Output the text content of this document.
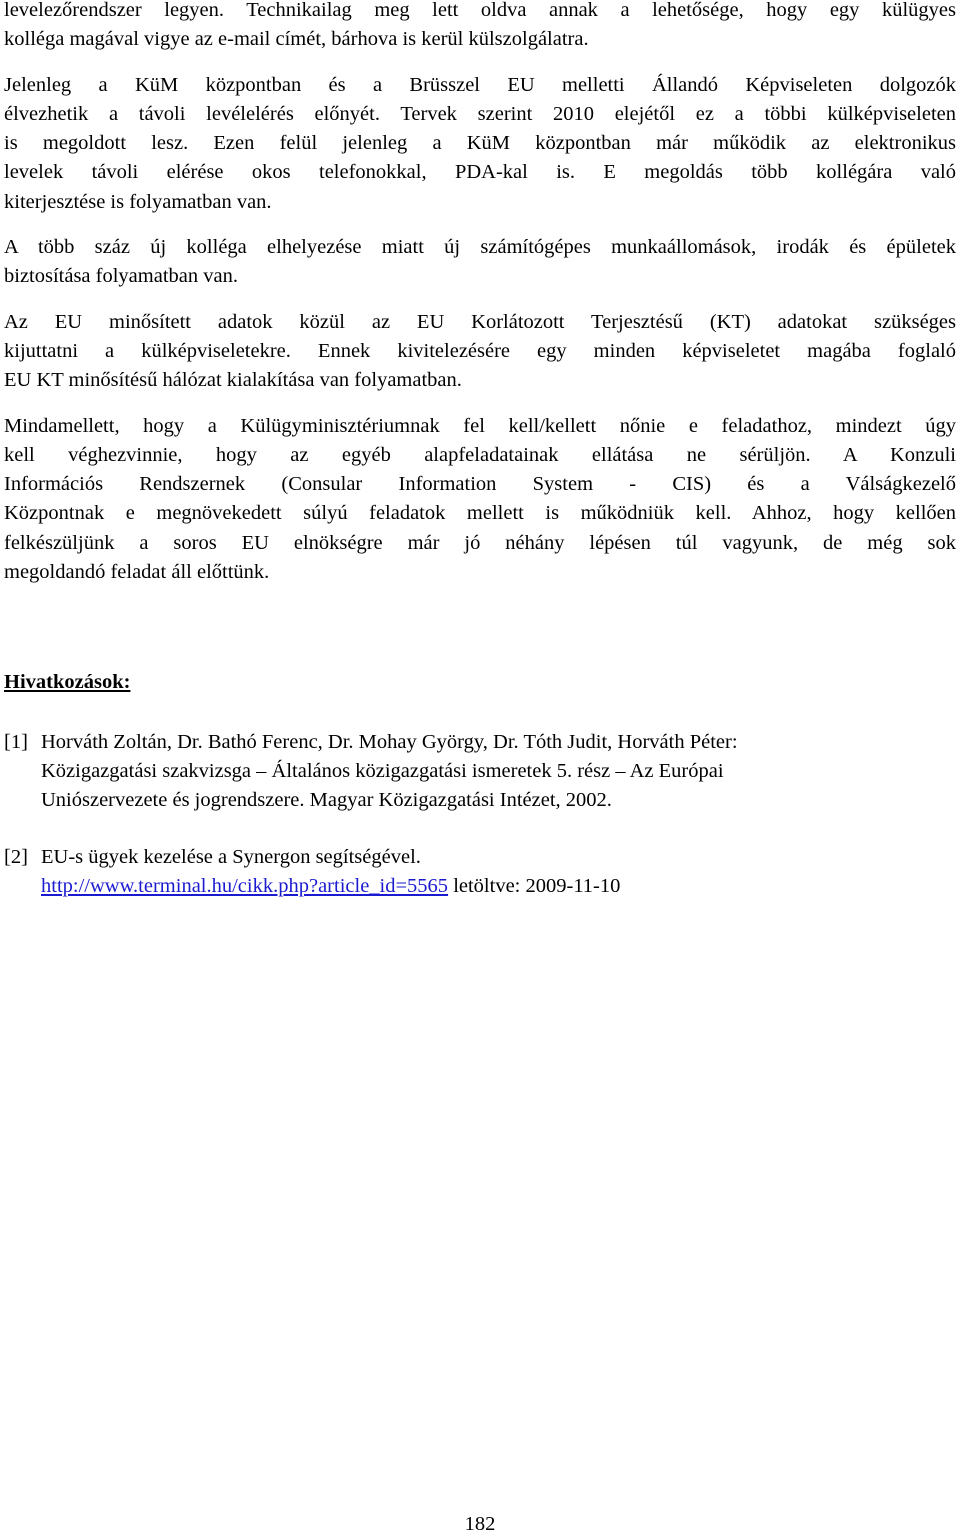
levelezőrendszer legyen. Technikailag meg lett oldva annak a lehetősége, hogy egy külügyes
kolléga magával vigye az e-mail címét, bárhova is kerül külszolgálatra.

Jelenleg a KüM központban és a Brüsszel EU melletti Állandó Képviseleten dolgozók
élvezhetik a távoli levélelérés előnyét. Tervek szerint 2010 elejétől ez a többi külképviseleten
is megoldott lesz. Ezen felül jelenleg a KüM központban már működik az elektronikus
levelek távoli elérése okos telefonokkal, PDA-kal is. E megoldás több kollégára való
kiterjesztése is folyamatban van.

A több száz új kolléga elhelyezése miatt új számítógépes munkaállomások, irodák és épületek
biztosítása folyamatban van.

Az EU minősített adatok közül az EU Korlátozott Terjesztésű (KT) adatokat szükséges
kijuttatni a külképviseletekre. Ennek kivitelezésére egy minden képviseletet magába foglaló
EU KT minősítésű hálózat kialakítása van folyamatban.

Mindamellett, hogy a Külügyminisztériumnak fel kell/kellett nőnie e feladathoz, mindezt úgy
kell véghezvinnie, hogy az egyéb alapfeladatainak ellátása ne sérüljön. A Konzuli
Információs Rendszernek (Consular Information System - CIS) és a Válságkezelő
Központnak e megnövekedett súlyú feladatok mellett is működniük kell. Ahhoz, hogy kellően
felkészüljünk a soros EU elnökségre már jó néhány lépésen túl vagyunk, de még sok
megoldandó feladat áll előttünk.

Hivatkozások:
[1] Horváth Zoltán, Dr. Bathó Ferenc, Dr. Mohay György, Dr. Tóth Judit, Horváth Péter:
Közigazgatási szakvizsga – Általános közigazgatási ismeretek 5. rész – Az Európai
Uniószervezete és jogrendszere. Magyar Közigazgatási Intézet, 2002.
[2] EU-s ügyek kezelése a Synergon segítségével.
http://www.terminal.hu/cikk.php?article_id=5565 letöltve: 2009-11-10
182
